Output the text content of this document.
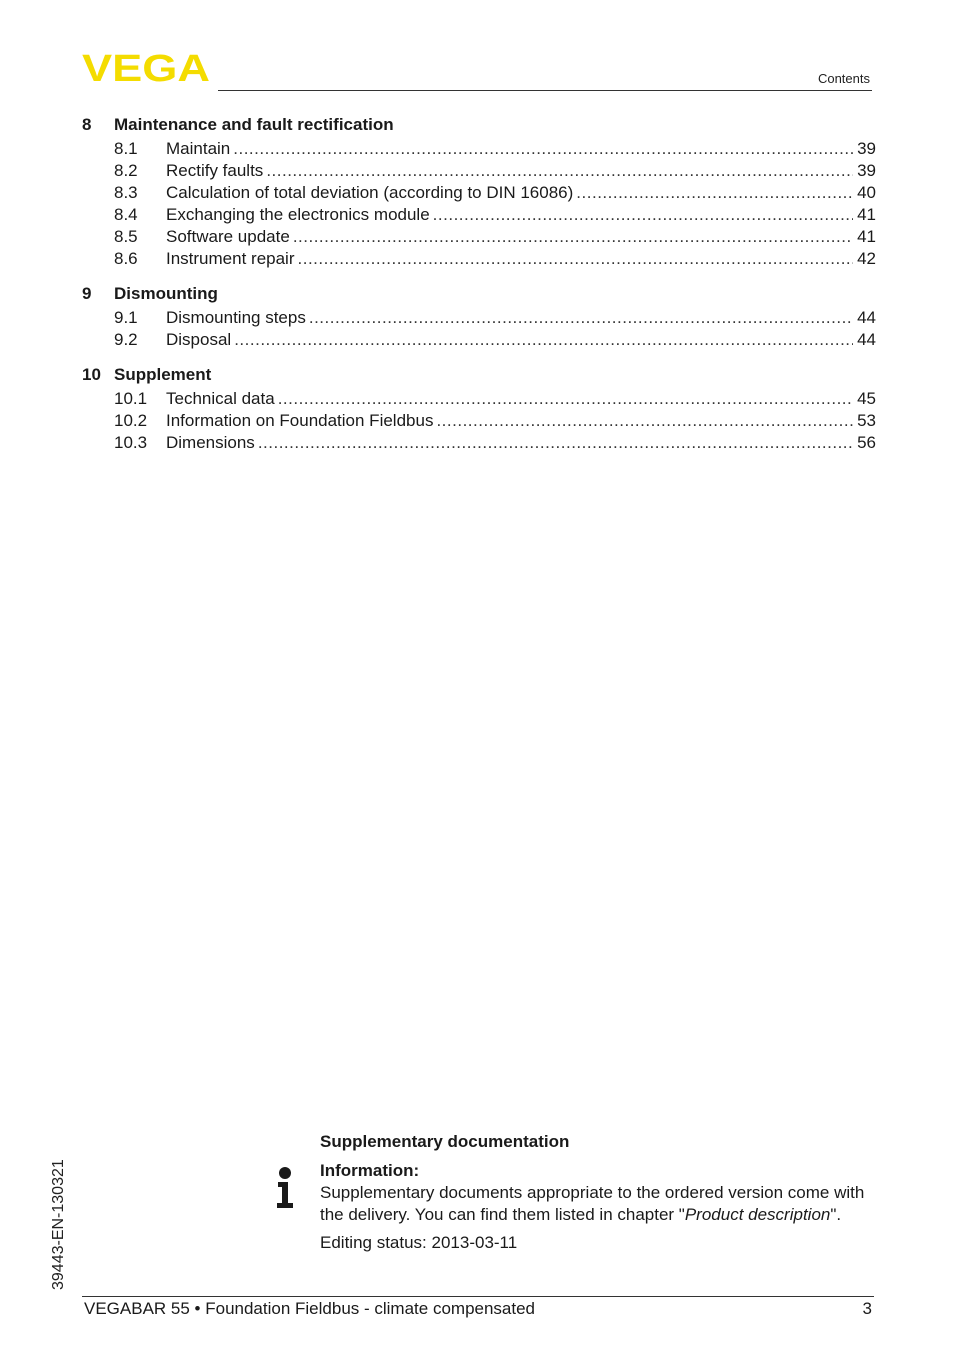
VEGA	Contents
8	Maintenance and fault rectification
8.1	Maintain .....	39
8.2	Rectify faults .....	39
8.3	Calculation of total deviation (according to DIN 16086) .....	40
8.4	Exchanging the electronics module .....	41
8.5	Software update .....	41
8.6	Instrument repair .....	42
9	Dismounting
9.1	Dismounting steps .....	44
9.2	Disposal .....	44
10 Supplement
10.1	Technical data .....	45
10.2	Information on Foundation Fieldbus .....	53
10.3	Dimensions .....	56
39443-EN-130321
Supplementary documentation
Information:
Supplementary documents appropriate to the ordered version come with the delivery. You can find them listed in chapter "Product description".
Editing status: 2013-03-11
VEGABAR 55 • Foundation Fieldbus - climate compensated	3
